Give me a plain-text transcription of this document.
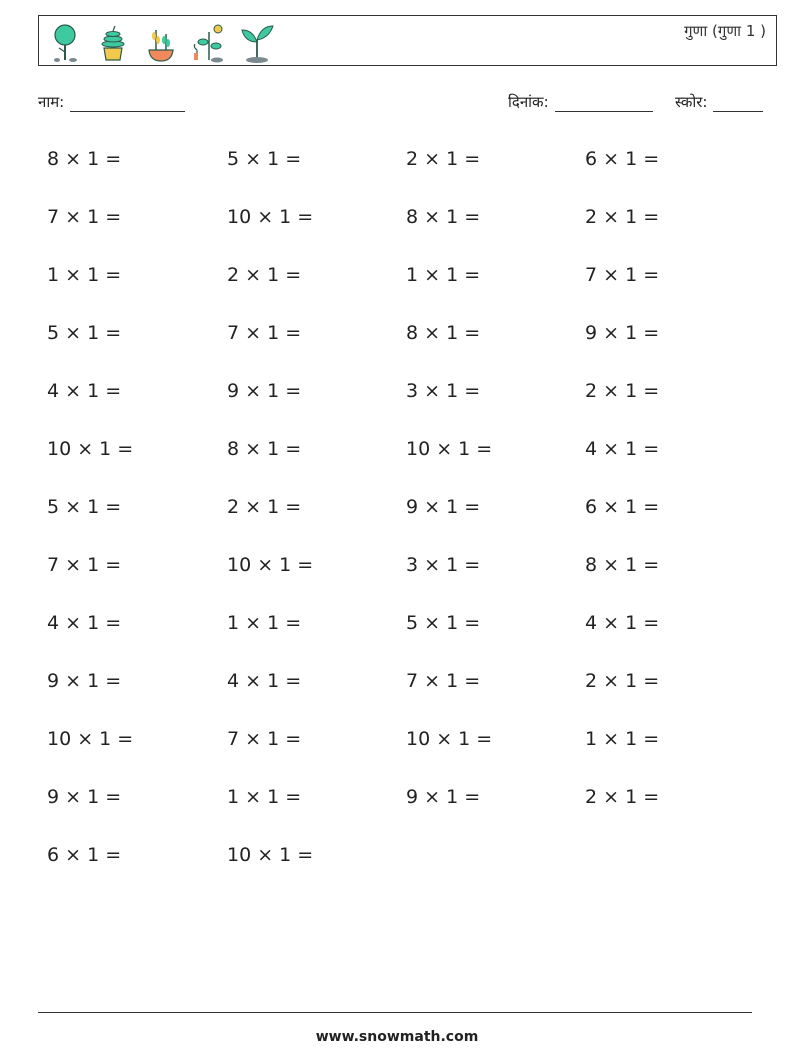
गुणा (गुणा 1 )
नाम:	दिनांक:	स्कोर:
8 × 1 =	5 × 1 =	2 × 1 =	6 × 1 =
7 × 1 =	10 × 1 =	8 × 1 =	2 × 1 =
1 × 1 =	2 × 1 =	1 × 1 =	7 × 1 =
5 × 1 =	7 × 1 =	8 × 1 =	9 × 1 =
4 × 1 =	9 × 1 =	3 × 1 =	2 × 1 =
10 × 1 =	8 × 1 =	10 × 1 =	4 × 1 =
5 × 1 =	2 × 1 =	9 × 1 =	6 × 1 =
7 × 1 =	10 × 1 =	3 × 1 =	8 × 1 =
4 × 1 =	1 × 1 =	5 × 1 =	4 × 1 =
9 × 1 =	4 × 1 =	7 × 1 =	2 × 1 =
10 × 1 =	7 × 1 =	10 × 1 =	1 × 1 =
9 × 1 =	1 × 1 =	9 × 1 =	2 × 1 =
6 × 1 =	10 × 1 =
www.snowmath.com
